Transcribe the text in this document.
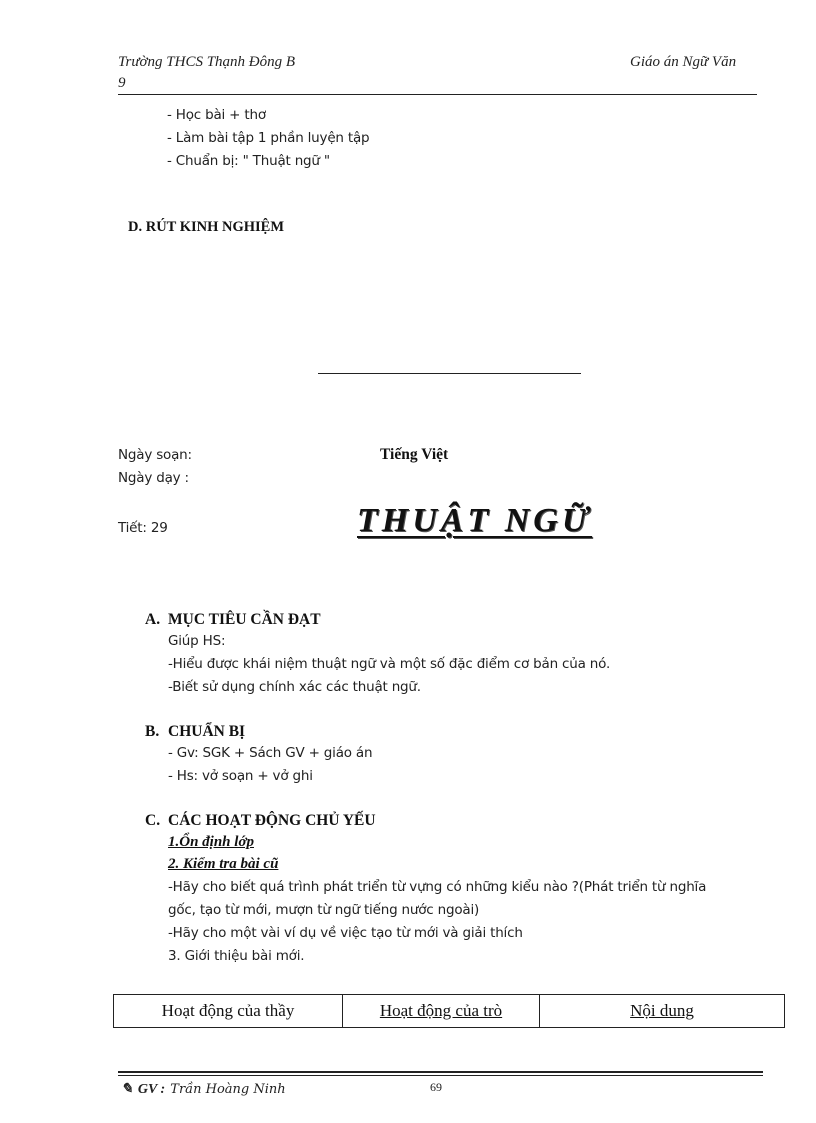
Trường THCS Thạnh Đông B
9
Giáo án Ngữ Văn
- Học bài + thơ
- Làm bài tập 1 phần luyện tập
- Chuẩn bị: " Thuật ngữ "
D. RÚT KINH NGHIỆM
Ngày soạn:
Ngày dạy :
Tiếng Việt
Tiết: 29	THUẬT NGỮ
A. MỤC TIÊU CẦN ĐẠT
Giúp HS:
-Hiểu được khái niệm thuật ngữ và một số đặc điểm cơ bản của nó.
-Biết sử dụng chính xác các thuật ngữ.
B. CHUẨN BỊ
- Gv: SGK + Sách GV + giáo án
- Hs: vở soạn + vở ghi
C. CÁC HOẠT ĐỘNG CHỦ YẾU
1.Ổn định lớp
2. Kiểm tra bài cũ
-Hãy cho biết quá trình phát triển từ vựng có những kiểu nào ?(Phát triển từ nghĩa
gốc, tạo từ mới, mượn từ ngữ tiếng nước ngoài)
-Hãy cho một vài ví dụ về việc tạo từ mới và giải thích
3. Giới thiệu bài mới.
Hoạt động của thầy	Hoạt động của trò	Nội dung
✎ GV : Trần Hoàng Ninh	69
